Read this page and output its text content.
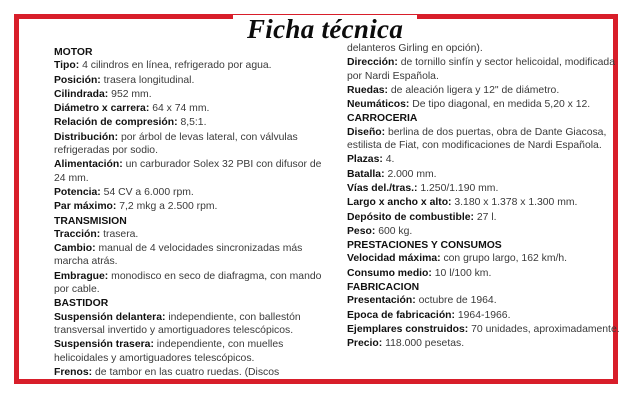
Ficha técnica
MOTOR
Tipo: 4 cilindros en línea, refrigerado por agua.
Posición: trasera longitudinal.
Cilindrada: 952 mm.
Diámetro x carrera: 64 x 74 mm.
Relación de compresión: 8,5:1.
Distribución: por árbol de levas lateral, con válvulas refrigeradas por sodio.
Alimentación: un carburador Solex 32 PBI con difusor de 24 mm.
Potencia: 54 CV a 6.000 rpm.
Par máximo: 7,2 mkg a 2.500 rpm.
TRANSMISION
Tracción: trasera.
Cambio: manual de 4 velocidades sincronizadas más marcha atrás.
Embrague: monodisco en seco de diafragma, con mando por cable.
BASTIDOR
Suspensión delantera: independiente, con ballestón transversal invertido y amortiguadores telescópicos.
Suspensión trasera: independiente, con muelles helicoidales y amortiguadores telescópicos.
Frenos: de tambor en las cuatro ruedas. (Discos
delanteros Girling en opción).
Dirección: de tornillo sinfín y sector helicoidal, modificada por Nardi Española.
Ruedas: de aleación ligera y 12" de diámetro.
Neumáticos: De tipo diagonal, en medida 5,20 x 12.
CARROCERIA
Diseño: berlina de dos puertas, obra de Dante Giacosa, estilista de Fiat, con modificaciones de Nardi Española.
Plazas: 4.
Batalla: 2.000 mm.
Vías del./tras.: 1.250/1.190 mm.
Largo x ancho x alto: 3.180 x 1.378 x 1.300 mm.
Depósito de combustible: 27 l.
Peso: 600 kg.
PRESTACIONES Y CONSUMOS
Velocidad máxima: con grupo largo, 162 km/h.
Consumo medio: 10 l/100 km.
FABRICACION
Presentación: octubre de 1964.
Epoca de fabricación: 1964-1966.
Ejemplares construidos: 70 unidades, aproximadamente.
Precio: 118.000 pesetas.
